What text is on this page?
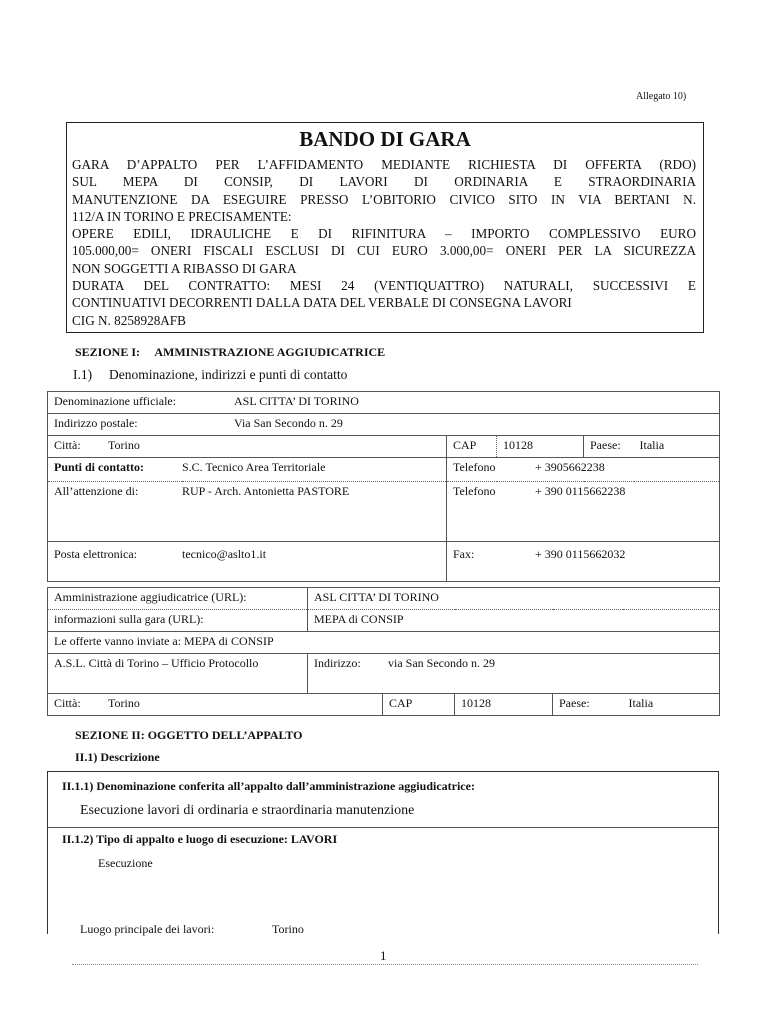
Allegato 10)
BANDO DI GARA
GARA D’APPALTO PER L’AFFIDAMENTO MEDIANTE RICHIESTA DI OFFERTA (RDO)
SUL MEPA DI CONSIP, DI LAVORI DI ORDINARIA E STRAORDINARIA
MANUTENZIONE DA ESEGUIRE PRESSO L’OBITORIO CIVICO SITO IN VIA BERTANI N.
112/A IN TORINO E PRECISAMENTE:
OPERE EDILI, IDRAULICHE E DI RIFINITURA – IMPORTO COMPLESSIVO EURO
105.000,00= ONERI FISCALI ESCLUSI DI CUI EURO 3.000,00= ONERI PER LA SICUREZZA
NON SOGGETTI A RIBASSO DI GARA
DURATA DEL CONTRATTO: MESI 24 (VENTIQUATTRO) NATURALI, SUCCESSIVI E
CONTINUATIVI DECORRENTI DALLA DATA DEL VERBALE DI CONSEGNA LAVORI
CIG N. 8258928AFB
SEZIONE I:     AMMINISTRAZIONE AGGIUDICATRICE
I.1)     Denominazione, indirizzi e punti di contatto
Denominazione ufficiale: ASL CITTA’ DI TORINO				
Indirizzo postale: Via San Secondo n. 29				
Città: Torino	CAP	10128	Paese:	Italia
Punti di contatto: S.C. Tecnico Area Territoriale	Telefono + 3905662238			
All’attenzione di: RUP - Arch. Antonietta PASTORE	Telefono + 390 0115662238			
Posta elettronica: tecnico@aslto1.it	Fax: + 390 0115662032			
Amministrazione aggiudicatrice (URL):	ASL CITTA’ DI TORINO				
informazioni sulla gara (URL):	MEPA di CONSIP				
Le offerte vanno inviate a: MEPA di CONSIP					
A.S.L. Città di Torino – Ufficio Protocollo	Indirizzo: via San Secondo n. 29				
Città: Torino		CAP	10128	Paese:	Italia
SEZIONE II: OGGETTO DELL’APPALTO
II.1) Descrizione
II.1.1) Denominazione conferita all’appalto dall’amministrazione aggiudicatrice:
Esecuzione lavori di ordinaria e straordinaria manutenzione
II.1.2) Tipo di appalto e luogo di esecuzione: LAVORI
Esecuzione
Luogo principale dei lavori:	Torino
1
